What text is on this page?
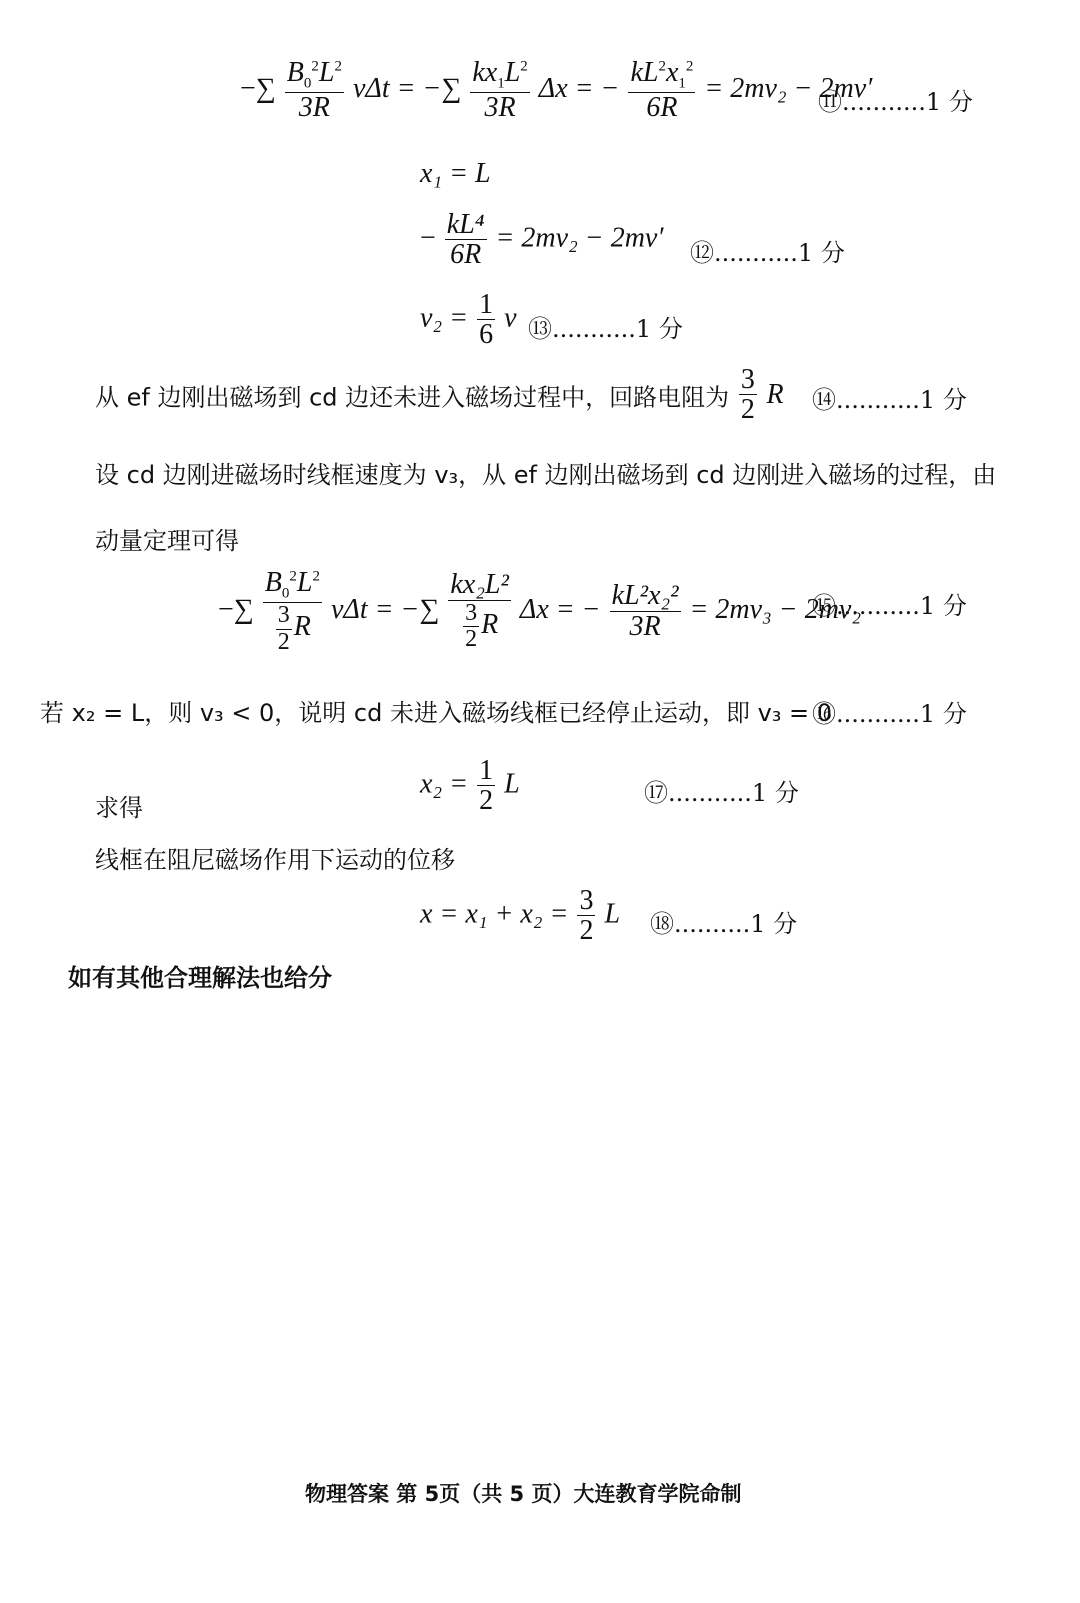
−∑ $\frac{B_0^2L^2}{3R}$ vΔt = −∑ $\frac{kx_1L^2}{3R}$ Δx = − $\frac{kL^2x_1^2}{6R} = 2mv_2 - 2mv'$
⑪...........1 分
x₁ = L
− $\frac{\text{kL⁴}}{6R} = 2mv_2 - 2mv'$ ⑫...........1 分
$v_2 = \frac{1}{6}$ v ⑬...........1 分
从 ef 边刚出磁场到 cd 边还未进入磁场过程中，回路电阻为 $\frac{3}{2}$ R ⑭...........1 分
设 cd 边刚进磁场时线框速度为 v₃，从 ef 边刚出磁场到 cd 边刚进入磁场的过程，由
动量定理可得
−∑ $\frac{B_0^2L^2}{\frac{3}{2} R}$ vΔt = −∑ $\frac{\text{kx₂L²}}{\frac{3}{2} R}$ Δx = − $\frac{\text{kL²x₂²}}{3R} = 2mv_3 - 2mv_2$
⑮...........1 分
若 x₂ = L，则 v₃ < 0，说明 cd 未进入磁场线框已经停止运动，即 v₃ = 0
⑯...........1 分
求得
$x_2 = \frac{1}{2}$ L	⑰...........1 分
线框在阻尼磁场作用下运动的位移
$x = x_1 + x_2 = \frac{3}{2}$ L ⑱..........1 分
如有其他合理解法也给分
物理答案 第 5页（共 5 页）大连教育学院命制
